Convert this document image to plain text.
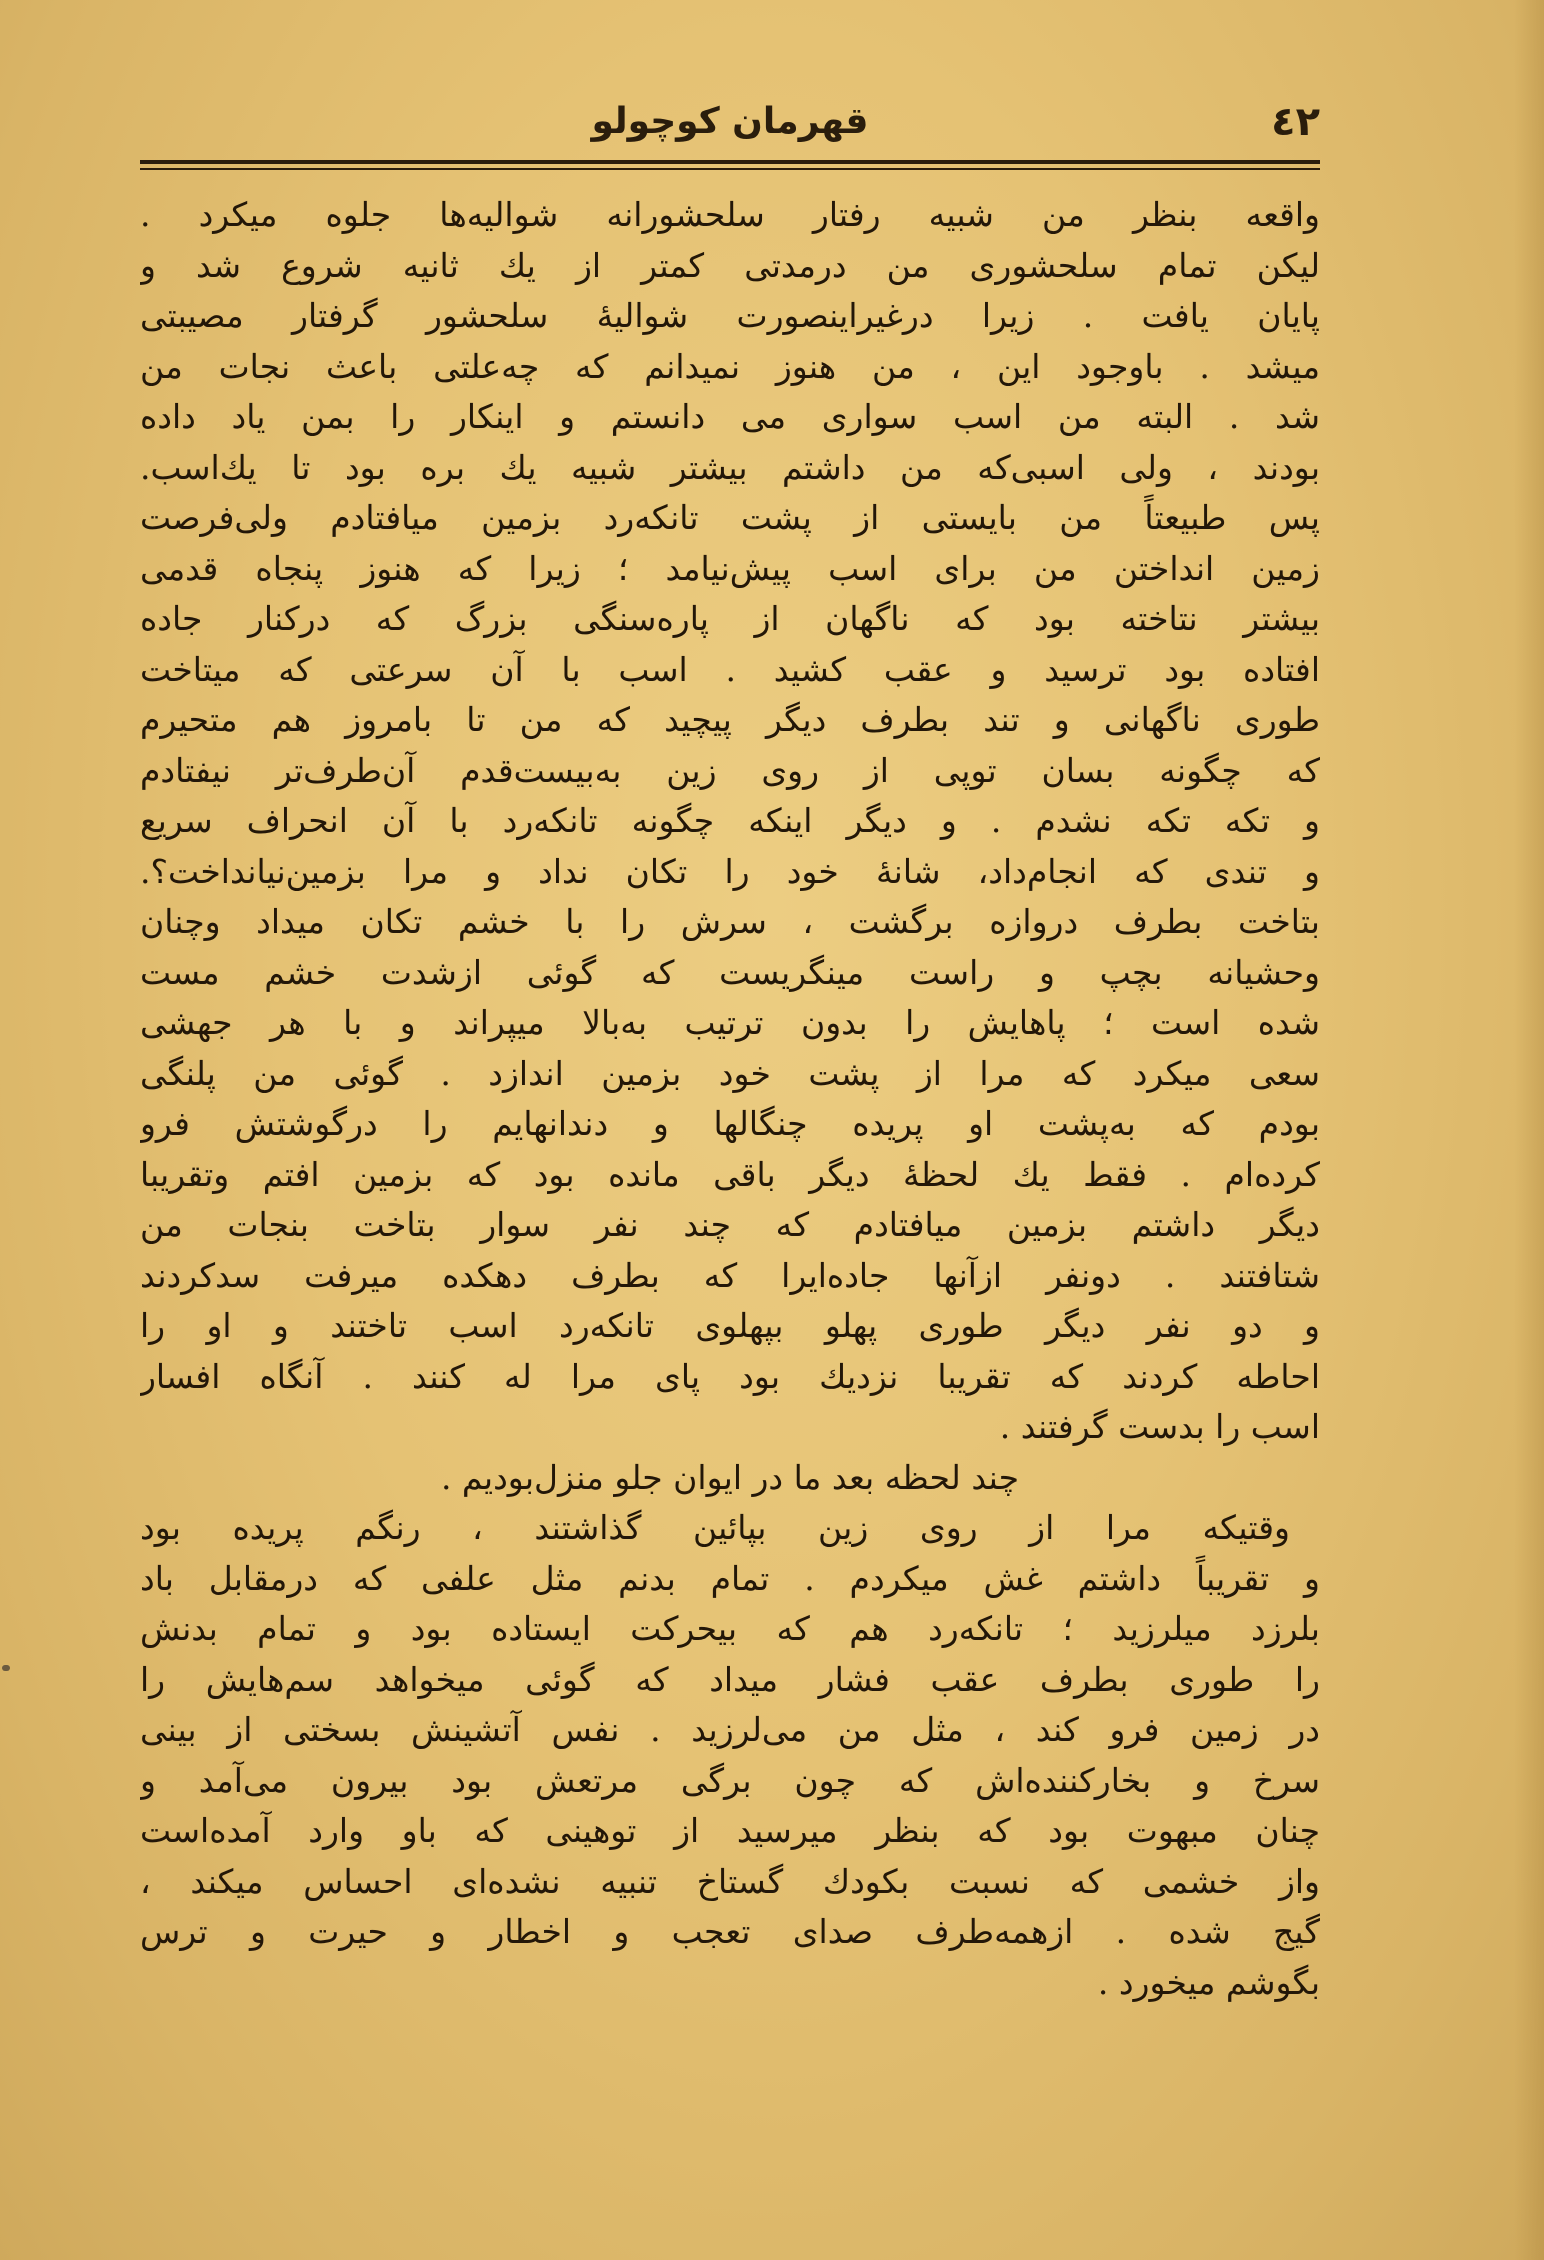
٤٢
قهرمان کوچولو
واقعه بنظر من شبيه رفتار سلحشورانه شواليه‌ها جلوه ميکرد .
ليکن تمام سلحشوری من درمدتی کمتر از يك ثانيه شروع شد و
پايان يافت . زيرا درغيراينصورت شواليهٔ سلحشور گرفتار مصيبتی
ميشد . باوجود اين ، من هنوز نميدانم که چه‌علتی باعث نجات من
شد . البته من اسب سواری می دانستم و اينکار را بمن ياد داده
بودند ، ولی اسبی‌که من داشتم بيشتر شبيه يك بره بود تا يك‌اسب.
پس طبيعتاً من بايستی از پشت تانکه‌رد بزمين ميافتادم ولی‌فرصت
زمين انداختن من برای اسب پيش‌نيامد ؛ زيرا که هنوز پنجاه قدمی
بيشتر نتاخته بود که ناگهان از پاره‌سنگی بزرگ که درکنار جاده
افتاده بود ترسيد و عقب کشيد . اسب با آن سرعتی که ميتاخت
طوری ناگهانی و تند بطرف ديگر پيچيد که من تا بامروز هم متحيرم
که چگونه بسان توپی از روی زين به‌بيست‌قدم آن‌طرف‌تر نيفتادم
و تکه تکه نشدم . و ديگر اينکه چگونه تانکه‌رد با آن انحراف سريع
و تندی که انجام‌داد، شانهٔ خود را تکان نداد و مرا بزمين‌نيانداخت؟.
بتاخت بطرف دروازه برگشت ، سرش را با خشم تکان ميداد وچنان
وحشيانه بچپ و راست مينگريست که گوئی ازشدت خشم مست
شده است ؛ پاهايش را بدون ترتيب به‌بالا ميپراند و با هر جهشی
سعی ميکرد که مرا از پشت خود بزمين اندازد . گوئی من پلنگی
بودم که به‌پشت او پريده چنگالها و دندانهايم را درگوشتش فرو
کرده‌ام . فقط يك لحظهٔ ديگر باقی مانده بود که بزمين افتم وتقريبا
ديگر داشتم بزمين ميافتادم که چند نفر سوار بتاخت بنجات من
شتافتند . دونفر ازآنها جاده‌ايرا که بطرف دهکده ميرفت سدکردند
و دو نفر ديگر طوری پهلو بپهلوی تانکه‌رد اسب تاختند و او را
احاطه کردند که تقريبا نزديك بود پای مرا له کنند . آنگاه افسار
اسب را بدست گرفتند .
چند لحظه بعد ما در ايوان جلو منزل‌بوديم .
وقتيکه مرا از روی زين بپائين گذاشتند ، رنگم پريده بود
و تقريباً داشتم غش ميکردم . تمام بدنم مثل علفی که درمقابل باد
بلرزد ميلرزيد ؛ تانکه‌رد هم که بيحرکت ايستاده بود و تمام بدنش
را طوری بطرف عقب فشار ميداد که گوئی ميخواهد سم‌هايش را
در زمين فرو کند ، مثل من می‌لرزيد . نفس آتشينش بسختی از بينی
سرخ و بخارکننده‌اش که چون برگی مرتعش بود بيرون می‌آمد و
چنان مبهوت بود که بنظر ميرسيد از توهينی که باو وارد آمده‌است
واز خشمی که نسبت بکودك گستاخ تنبيه نشده‌ای احساس ميکند ،
گيج شده . ازهمه‌طرف صدای تعجب و اخطار و حيرت و ترس
بگوشم ميخورد .
